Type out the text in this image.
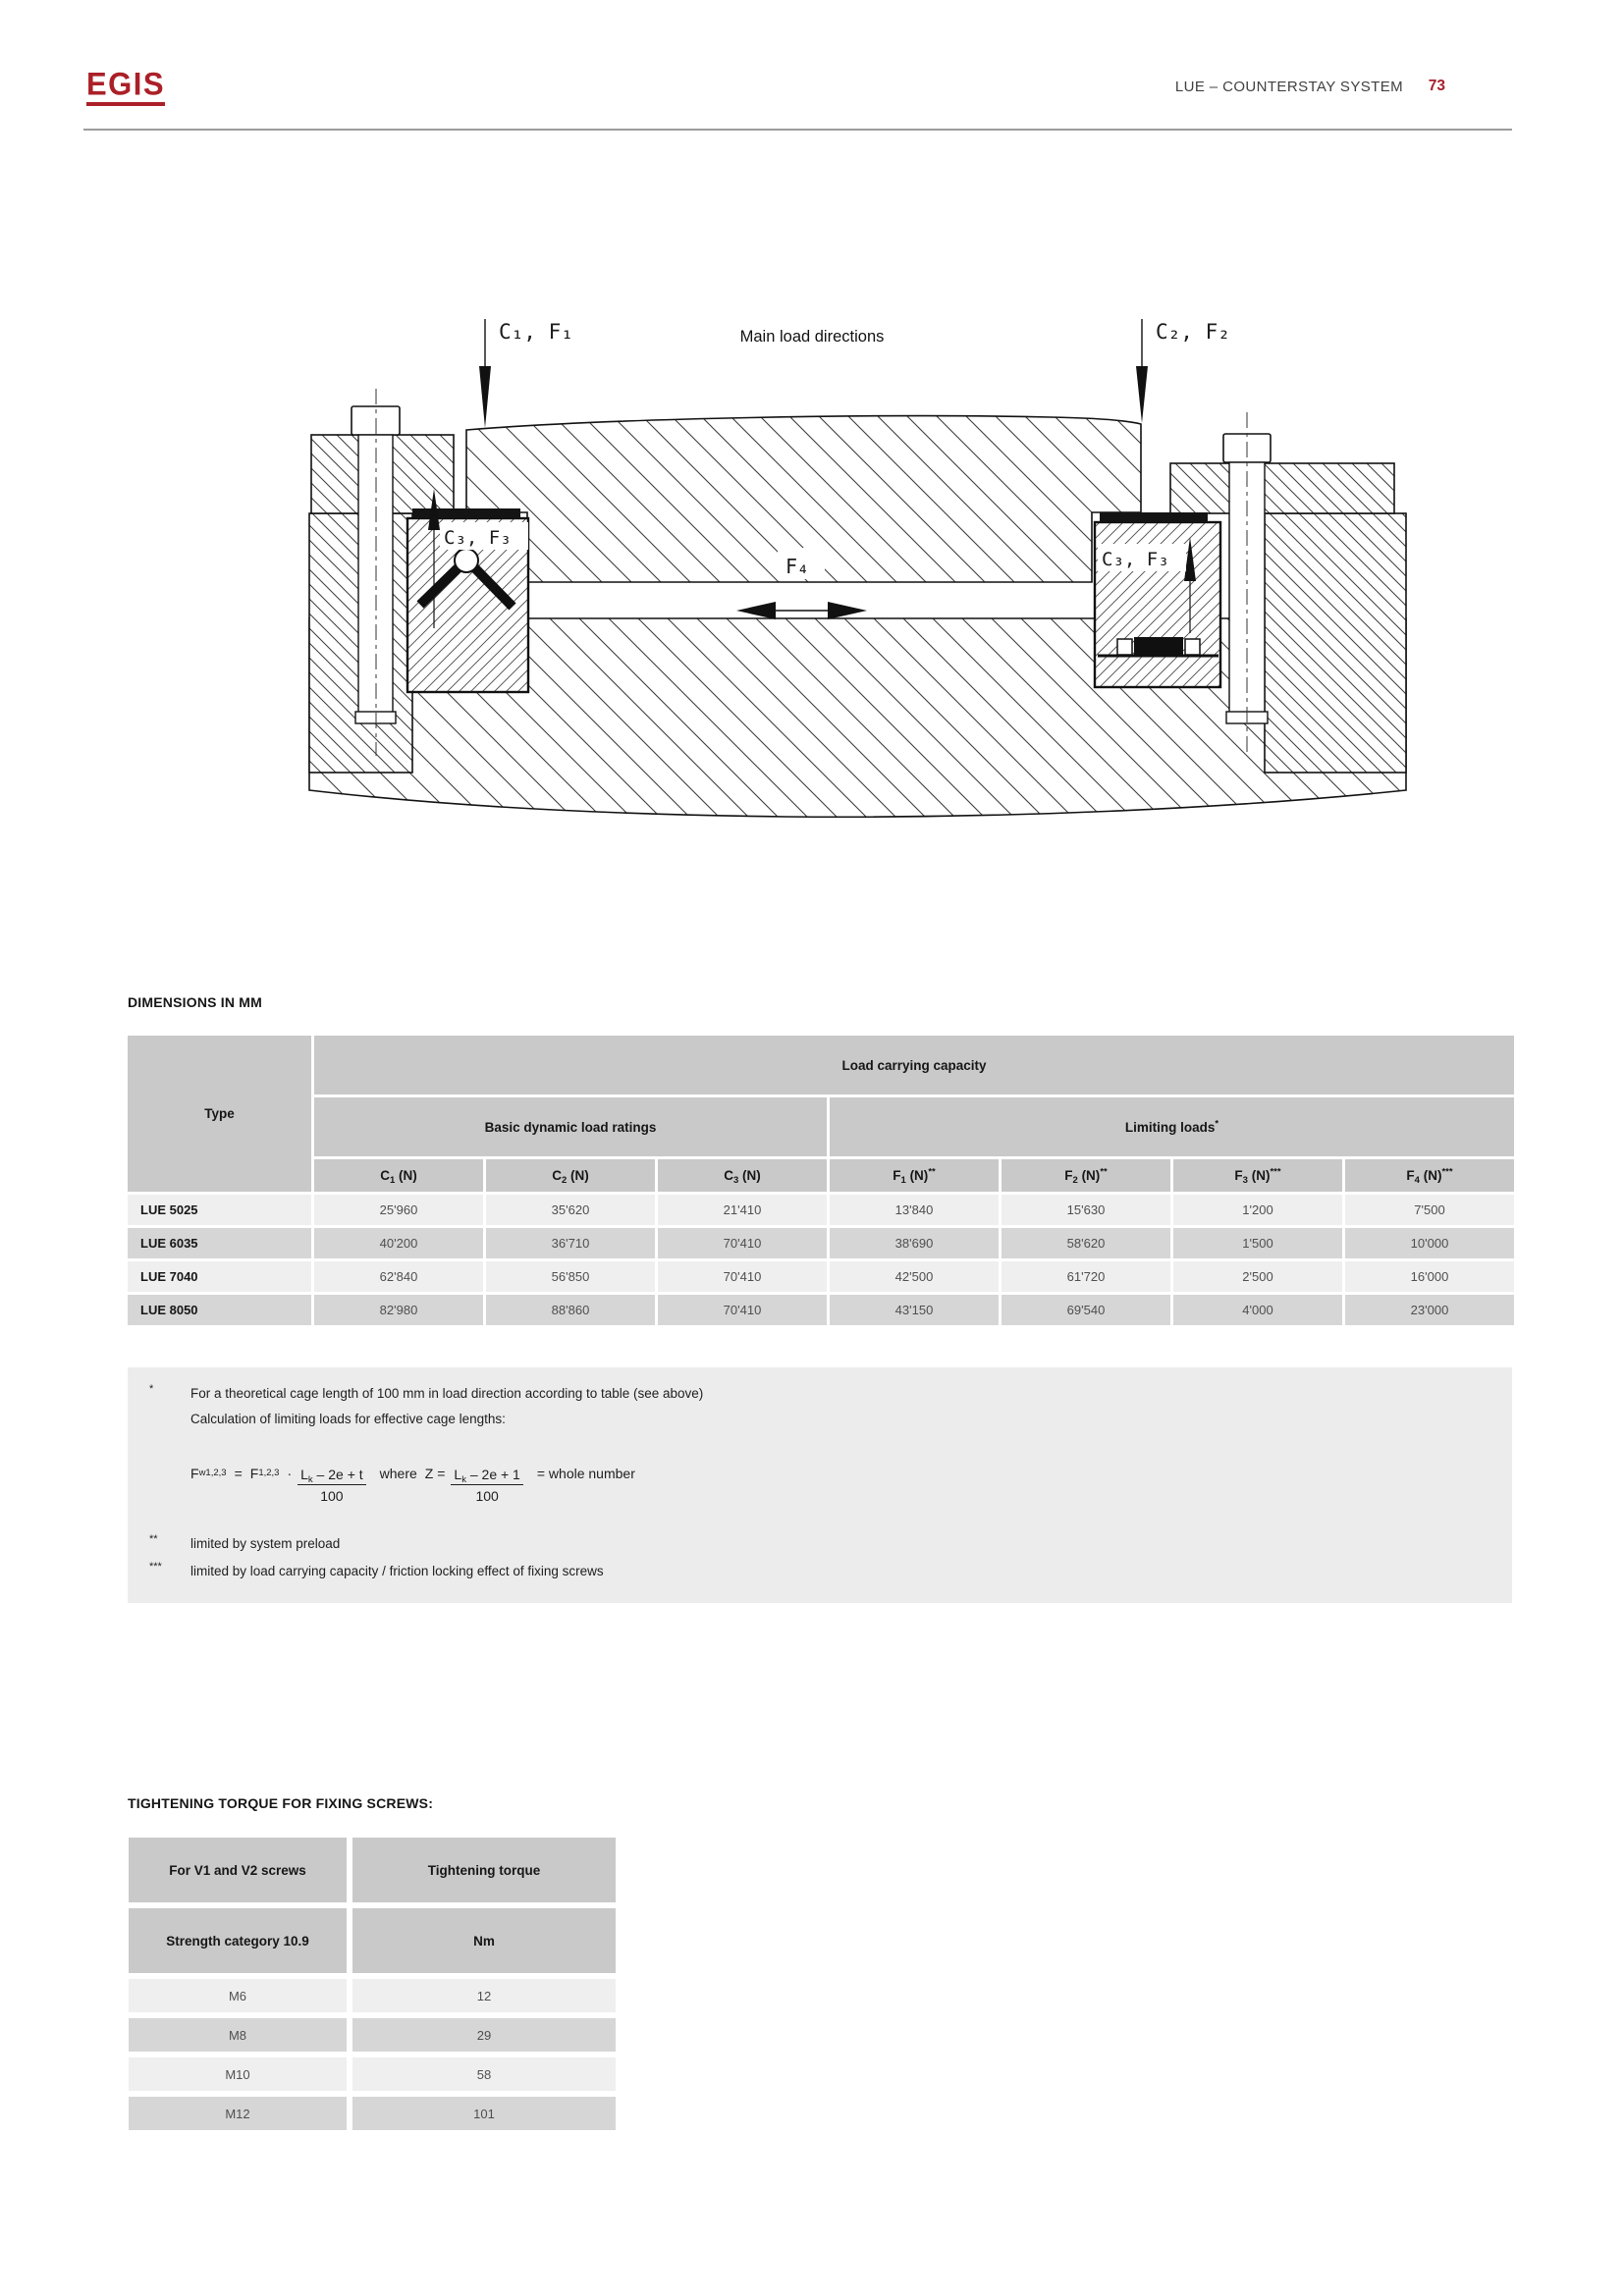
EGIS	LUE – COUNTERSTAY SYSTEM 73
C₁, F₁	Main load directions	C₂, F₂
C₃, F₃
C₃, F₃
F₄
DIMENSIONS IN MM
Type	Load carrying capacity						
	Basic dynamic load ratings			Limiting loads*
	$C_1$ (N)	$C_2$ (N)	$C_3$ (N)	$F_1$ (N)**	$F_2$ (N)**	$F_3$ (N)***	$F_4$ (N)***
LUE 5025	25'960	35'620	21'410	13'840	15'630	1'200	7'500
LUE 6035	40'200	36'710	70'410	38'690	58'620	1'500	10'000
LUE 7040	62'840	56'850	70'410	42'500	61'720	2'500	16'000
LUE 8050	82'980	88'860	70'410	43'150	69'540	4'000	23'000
*	For a theoretical cage length of 100 mm in load direction according to table (see above)
Calculation of limiting loads for effective cage lengths:
F w1,2,3 = F $1,2,3 \cdot \frac{L_k - 2e + t}{100}$ where $Z = \frac{L_k - 2e + 1}{100}$ = whole number
**	limited by system preload
***	limited by load carrying capacity / friction locking effect of fixing screws
TIGHTENING TORQUE FOR FIXING SCREWS:
For V1 and V2 screws	Tightening torque
Strength category 10.9	Nm
M6	12
M8	29
M10	58
M12	101
